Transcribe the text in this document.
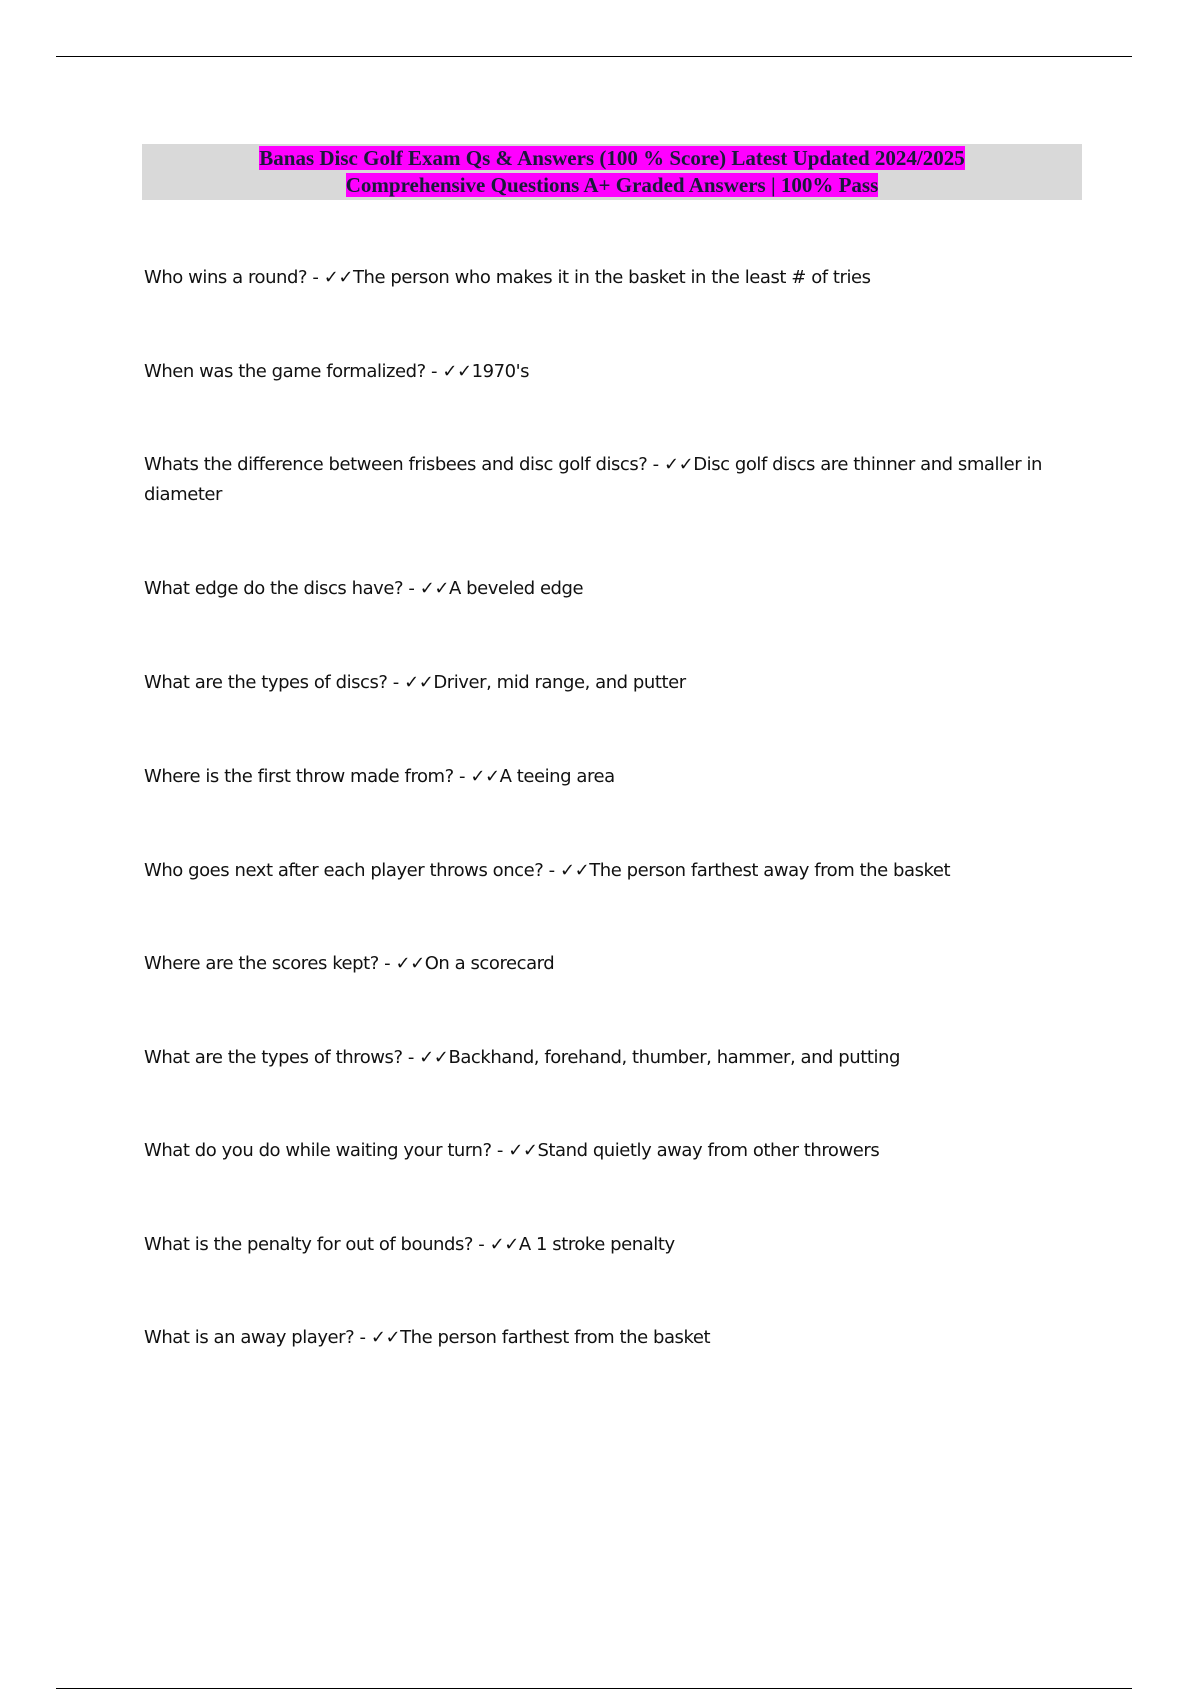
Banas Disc Golf Exam Qs & Answers (100 % Score) Latest Updated 2024/2025
Comprehensive Questions A+ Graded Answers | 100% Pass
Who wins a round? - ✓✓The person who makes it in the basket in the least # of tries
When was the game formalized? - ✓✓1970's
Whats the difference between frisbees and disc golf discs? - ✓✓Disc golf discs are thinner and smaller in diameter
What edge do the discs have? - ✓✓A beveled edge
What are the types of discs? - ✓✓Driver, mid range, and putter
Where is the first throw made from? - ✓✓A teeing area
Who goes next after each player throws once? - ✓✓The person farthest away from the basket
Where are the scores kept? - ✓✓On a scorecard
What are the types of throws? - ✓✓Backhand, forehand, thumber, hammer, and putting
What do you do while waiting your turn? - ✓✓Stand quietly away from other throwers
What is the penalty for out of bounds? - ✓✓A 1 stroke penalty
What is an away player? - ✓✓The person farthest from the basket
